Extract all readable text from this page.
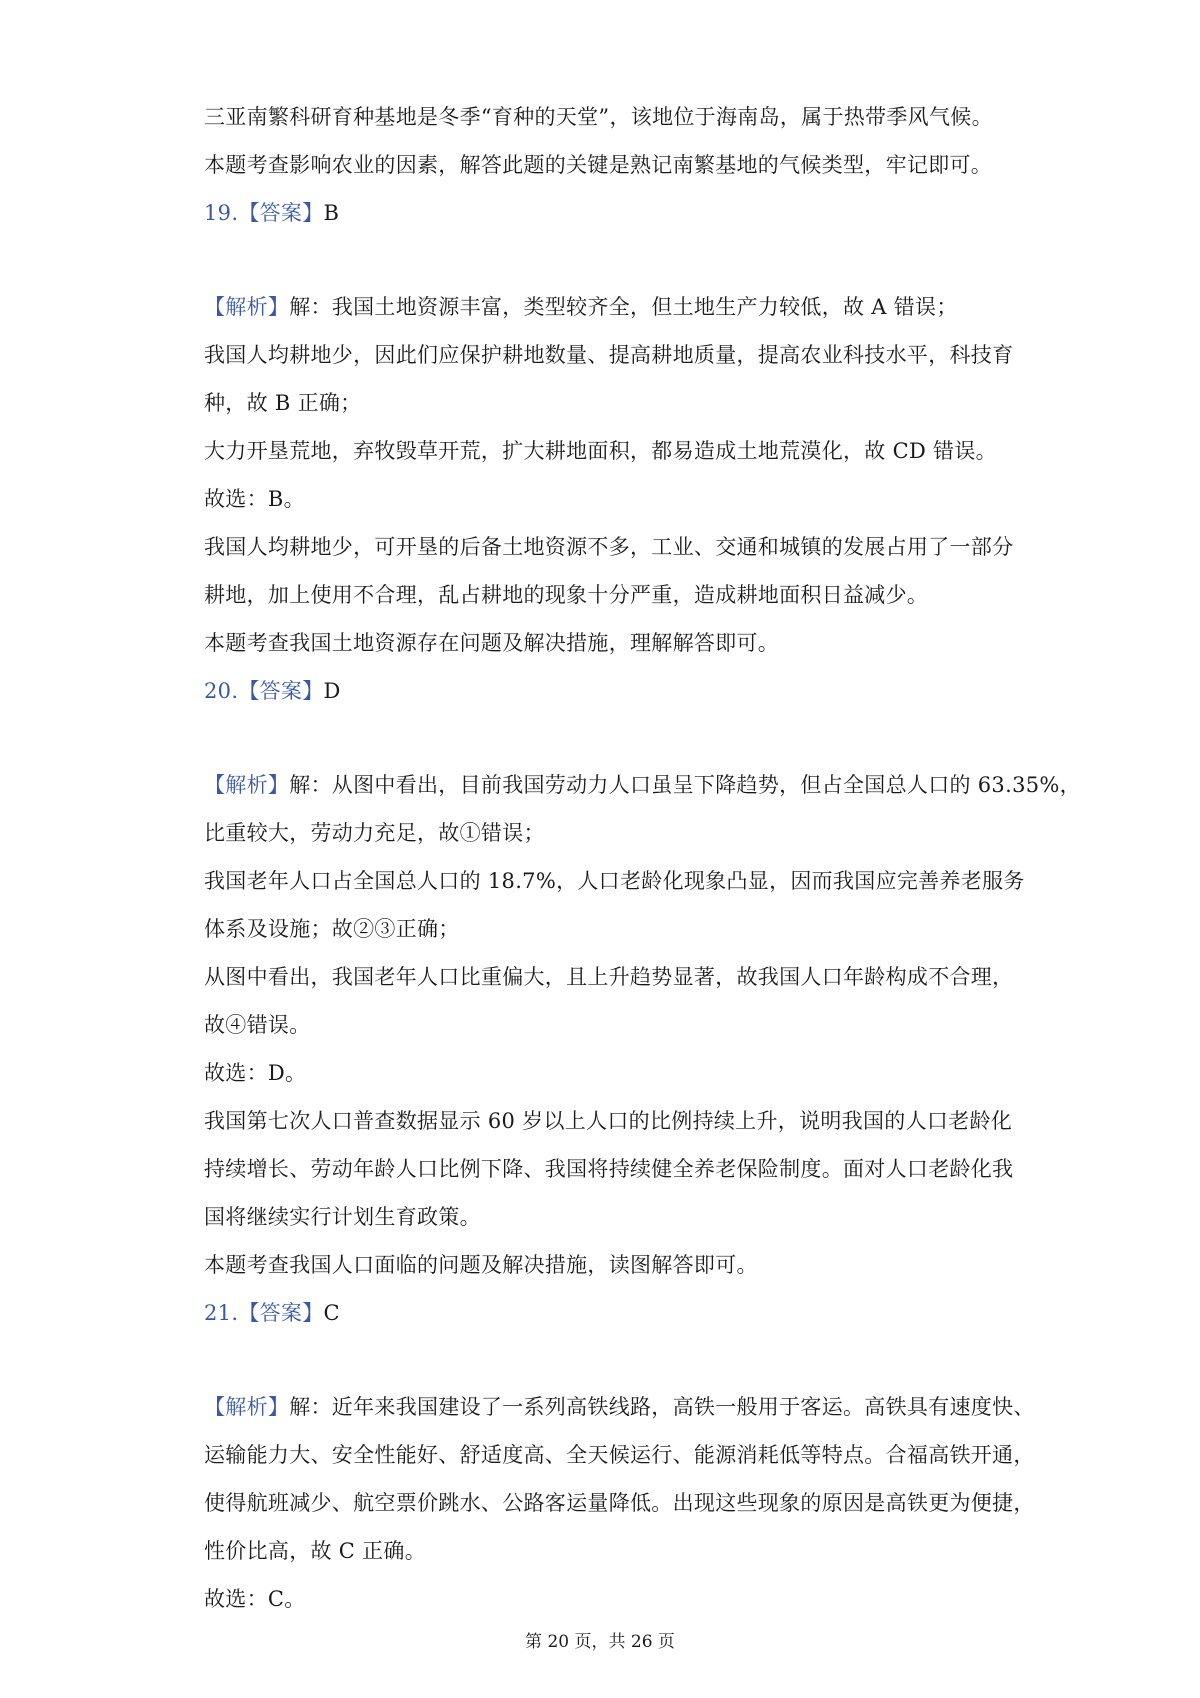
三亚南繁科研育种基地是冬季“育种的天堂”，该地位于海南岛，属于热带季风气候。
本题考查影响农业的因素，解答此题的关键是熟记南繁基地的气候类型，牢记即可。
19.【答案】B
【解析】解：我国土地资源丰富，类型较齐全，但土地生产力较低，故 A 错误；
我国人均耕地少，因此们应保护耕地数量、提高耕地质量，提高农业科技水平，科技育
种，故 B 正确；
大力开垦荒地，弃牧毁草开荒，扩大耕地面积，都易造成土地荒漠化，故 CD 错误。
故选：B。
我国人均耕地少，可开垦的后备土地资源不多，工业、交通和城镇的发展占用了一部分
耕地，加上使用不合理，乱占耕地的现象十分严重，造成耕地面积日益减少。
本题考查我国土地资源存在问题及解决措施，理解解答即可。
20.【答案】D
【解析】解：从图中看出，目前我国劳动力人口虽呈下降趋势，但占全国总人口的 63.35%，
比重较大，劳动力充足，故①错误；
我国老年人口占全国总人口的 18.7%，人口老龄化现象凸显，因而我国应完善养老服务
体系及设施；故②③正确；
从图中看出，我国老年人口比重偏大，且上升趋势显著，故我国人口年龄构成不合理，
故④错误。
故选：D。
我国第七次人口普查数据显示 60 岁以上人口的比例持续上升，说明我国的人口老龄化
持续增长、劳动年龄人口比例下降、我国将持续健全养老保险制度。面对人口老龄化我
国将继续实行计划生育政策。
本题考查我国人口面临的问题及解决措施，读图解答即可。
21.【答案】C
【解析】解：近年来我国建设了一系列高铁线路，高铁一般用于客运。高铁具有速度快、
运输能力大、安全性能好、舒适度高、全天候运行、能源消耗低等特点。合福高铁开通，
使得航班减少、航空票价跳水、公路客运量降低。出现这些现象的原因是高铁更为便捷，
性价比高，故 C 正确。
故选：C。
第 20 页，共 26 页
